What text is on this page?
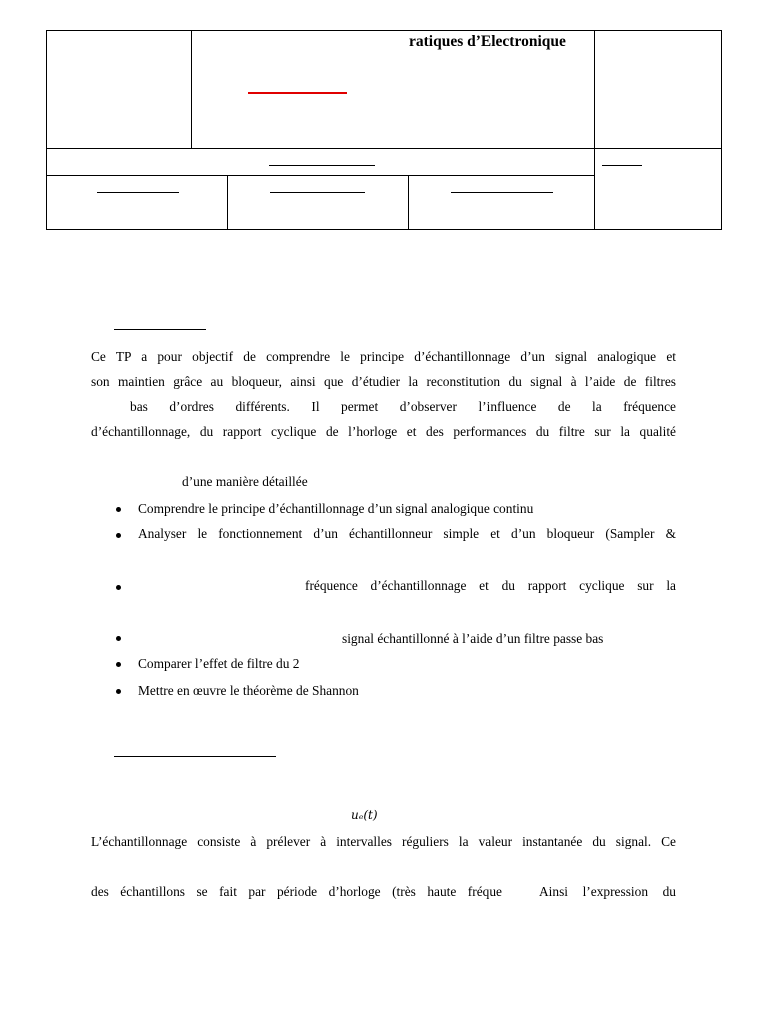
ratiques d’Electronique
Ce TP a pour objectif de comprendre le principe d’échantillonnage d’un signal analogique et
son maintien grâce au bloqueur, ainsi que d’étudier la reconstitution du signal à l’aide de filtres
bas d’ordres différents. Il permet d’observer l’influence de la fréquence
d’échantillonnage, du rapport cyclique de l’horloge et des performances du filtre sur la qualité
d’une manière détaillée
Comprendre le principe d’échantillonnage d’un signal analogique continu
Analyser le fonctionnement d’un échantillonneur simple et d’un bloqueur (Sampler &
fréquence d’échantillonnage et du rapport cyclique sur la
signal échantillonné à l’aide d’un filtre passe bas
Comparer l’effet de filtre du 2
Mettre en œuvre le théorème de Shannon
uₑ(t)
L’échantillonnage consiste à prélever à intervalles réguliers la valeur instantanée du signal. Ce
des échantillons se fait par période d’horloge (très haute fréque	Ainsi l’expression du
